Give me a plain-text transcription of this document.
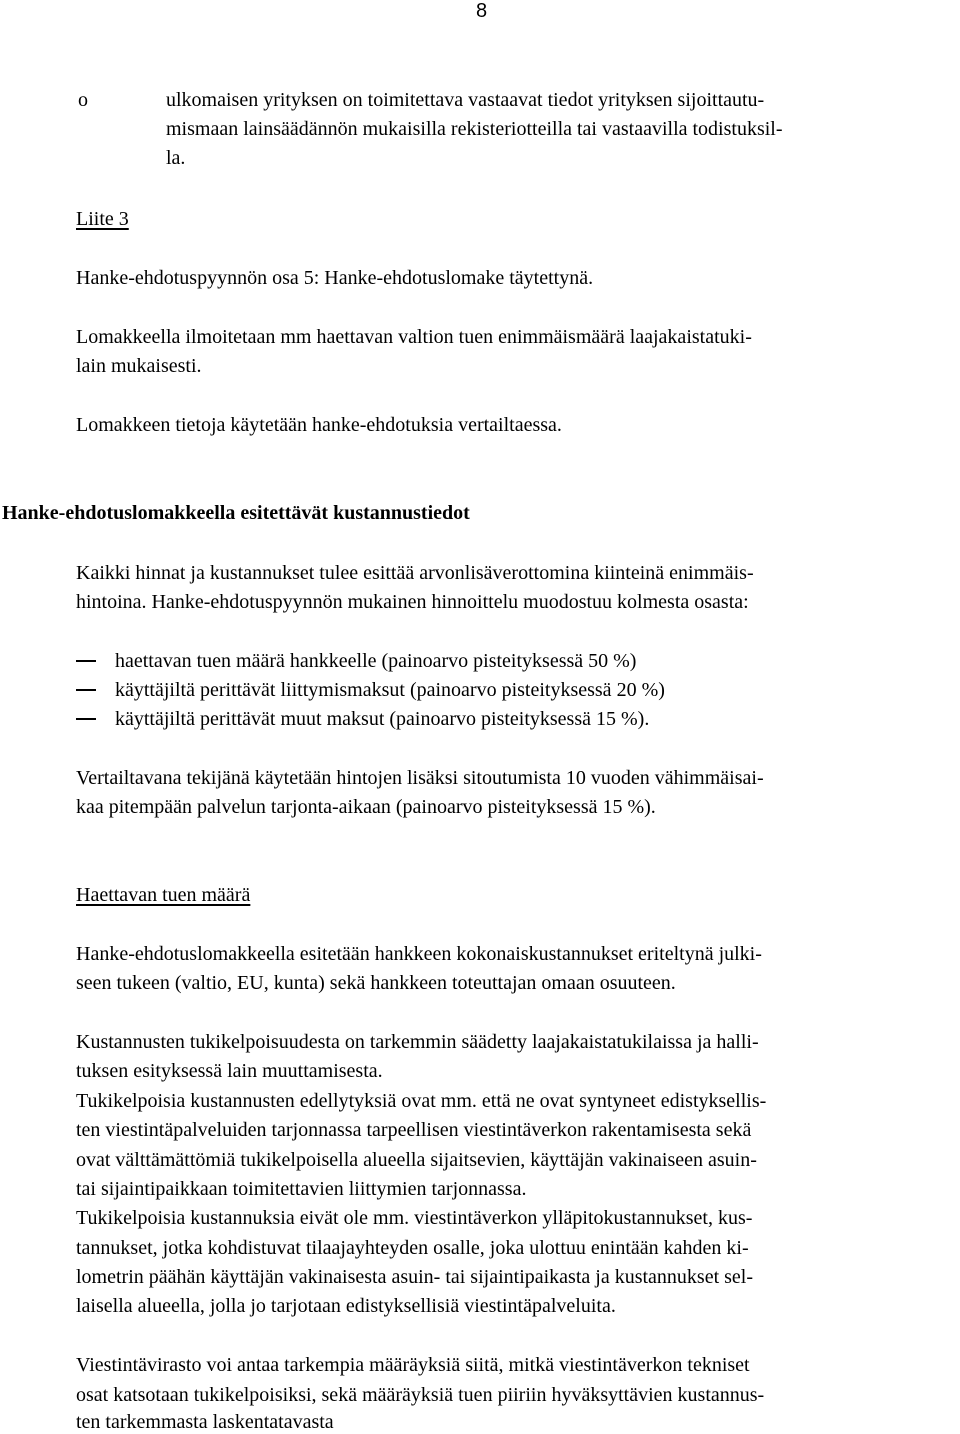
8
o	ulkomaisen yrityksen on toimitettava vastaavat tiedot yrityksen sijoittautu-
mismaan lainsäädännön mukaisilla rekisteriotteilla tai vastaavilla todistuksil-
la.
Liite 3
Hanke-ehdotuspyynnön osa 5: Hanke-ehdotuslomake täytettynä.
Lomakkeella ilmoitetaan mm haettavan valtion tuen enimmäismäärä laajakaistatuki-
lain mukaisesti.
Lomakkeen tietoja käytetään hanke-ehdotuksia vertailtaessa.
Hanke-ehdotuslomakkeella esitettävät kustannustiedot
Kaikki hinnat ja kustannukset tulee esittää arvonlisäverottomina kiinteinä enimmäis-
hintoina. Hanke-ehdotuspyynnön mukainen hinnoittelu muodostuu kolmesta osasta:
haettavan tuen määrä hankkeelle (painoarvo pisteityksessä 50 %)
käyttäjiltä perittävät liittymismaksut (painoarvo pisteityksessä 20 %)
käyttäjiltä perittävät muut maksut (painoarvo pisteityksessä 15 %).
Vertailtavana tekijänä käytetään hintojen lisäksi sitoutumista 10 vuoden vähimmäisai-
kaa pitempään palvelun tarjonta-aikaan (painoarvo pisteityksessä 15 %).
Haettavan tuen määrä
Hanke-ehdotuslomakkeella esitetään hankkeen kokonaiskustannukset eriteltynä julki-
seen tukeen (valtio, EU, kunta) sekä hankkeen toteuttajan omaan osuuteen.
Kustannusten tukikelpoisuudesta on tarkemmin säädetty laajakaistatukilaissa ja halli-
tuksen esityksessä lain muuttamisesta.
Tukikelpoisia kustannusten edellytyksiä ovat mm. että ne ovat syntyneet edistyksellis-
ten viestintäpalveluiden tarjonnassa tarpeellisen viestintäverkon rakentamisesta sekä
ovat välttämättömiä tukikelpoisella alueella sijaitsevien, käyttäjän vakinaiseen asuin-
tai sijaintipaikkaan toimitettavien liittymien tarjonnassa.
Tukikelpoisia kustannuksia eivät ole mm. viestintäverkon ylläpitokustannukset, kus-
tannukset, jotka kohdistuvat tilaajayhteyden osalle, joka ulottuu enintään kahden ki-
lometrin päähän käyttäjän vakinaisesta asuin- tai sijaintipaikasta ja kustannukset sel-
laisella alueella, jolla jo tarjotaan edistyksellisiä viestintäpalveluita.
Viestintävirasto voi antaa tarkempia määräyksiä siitä, mitkä viestintäverkon tekniset
osat katsotaan tukikelpoisiksi, sekä määräyksiä tuen piiriin hyväksyttävien kustannus-
ten tarkemmasta laskentatavasta
